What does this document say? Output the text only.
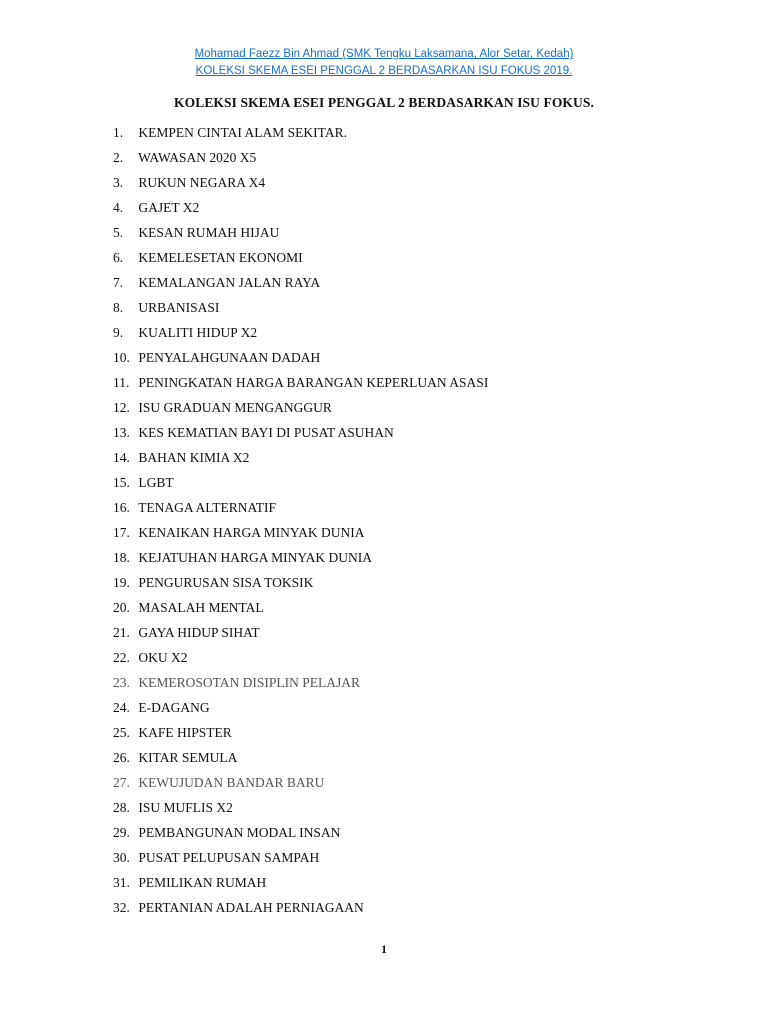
Mohamad Faezz Bin Ahmad (SMK Tengku Laksamana, Alor Setar, Kedah)
KOLEKSI SKEMA ESEI PENGGAL 2 BERDASARKAN ISU FOKUS 2019.
KOLEKSI SKEMA ESEI PENGGAL 2 BERDASARKAN ISU FOKUS.
1. KEMPEN CINTAI ALAM SEKITAR.
2. WAWASAN 2020 X5
3. RUKUN NEGARA X4
4. GAJET X2
5. KESAN RUMAH HIJAU
6. KEMELESETAN EKONOMI
7. KEMALANGAN JALAN RAYA
8. URBANISASI
9. KUALITI HIDUP X2
10. PENYALAHGUNAAN DADAH
11. PENINGKATAN HARGA BARANGAN KEPERLUAN ASASI
12. ISU GRADUAN MENGANGGUR
13. KES KEMATIAN BAYI DI PUSAT ASUHAN
14. BAHAN KIMIA X2
15. LGBT
16. TENAGA ALTERNATIF
17. KENAIKAN HARGA MINYAK DUNIA
18. KEJATUHAN HARGA MINYAK DUNIA
19. PENGURUSAN SISA TOKSIK
20. MASALAH MENTAL
21. GAYA HIDUP SIHAT
22. OKU X2
23. KEMEROSOTAN DISIPLIN PELAJAR
24. E-DAGANG
25. KAFE HIPSTER
26. KITAR SEMULA
27. KEWUJUDAN BANDAR BARU
28. ISU MUFLIS X2
29. PEMBANGUNAN MODAL INSAN
30. PUSAT PELUPUSAN SAMPAH
31. PEMILIKAN RUMAH
32. PERTANIAN ADALAH PERNIAGAAN
1
